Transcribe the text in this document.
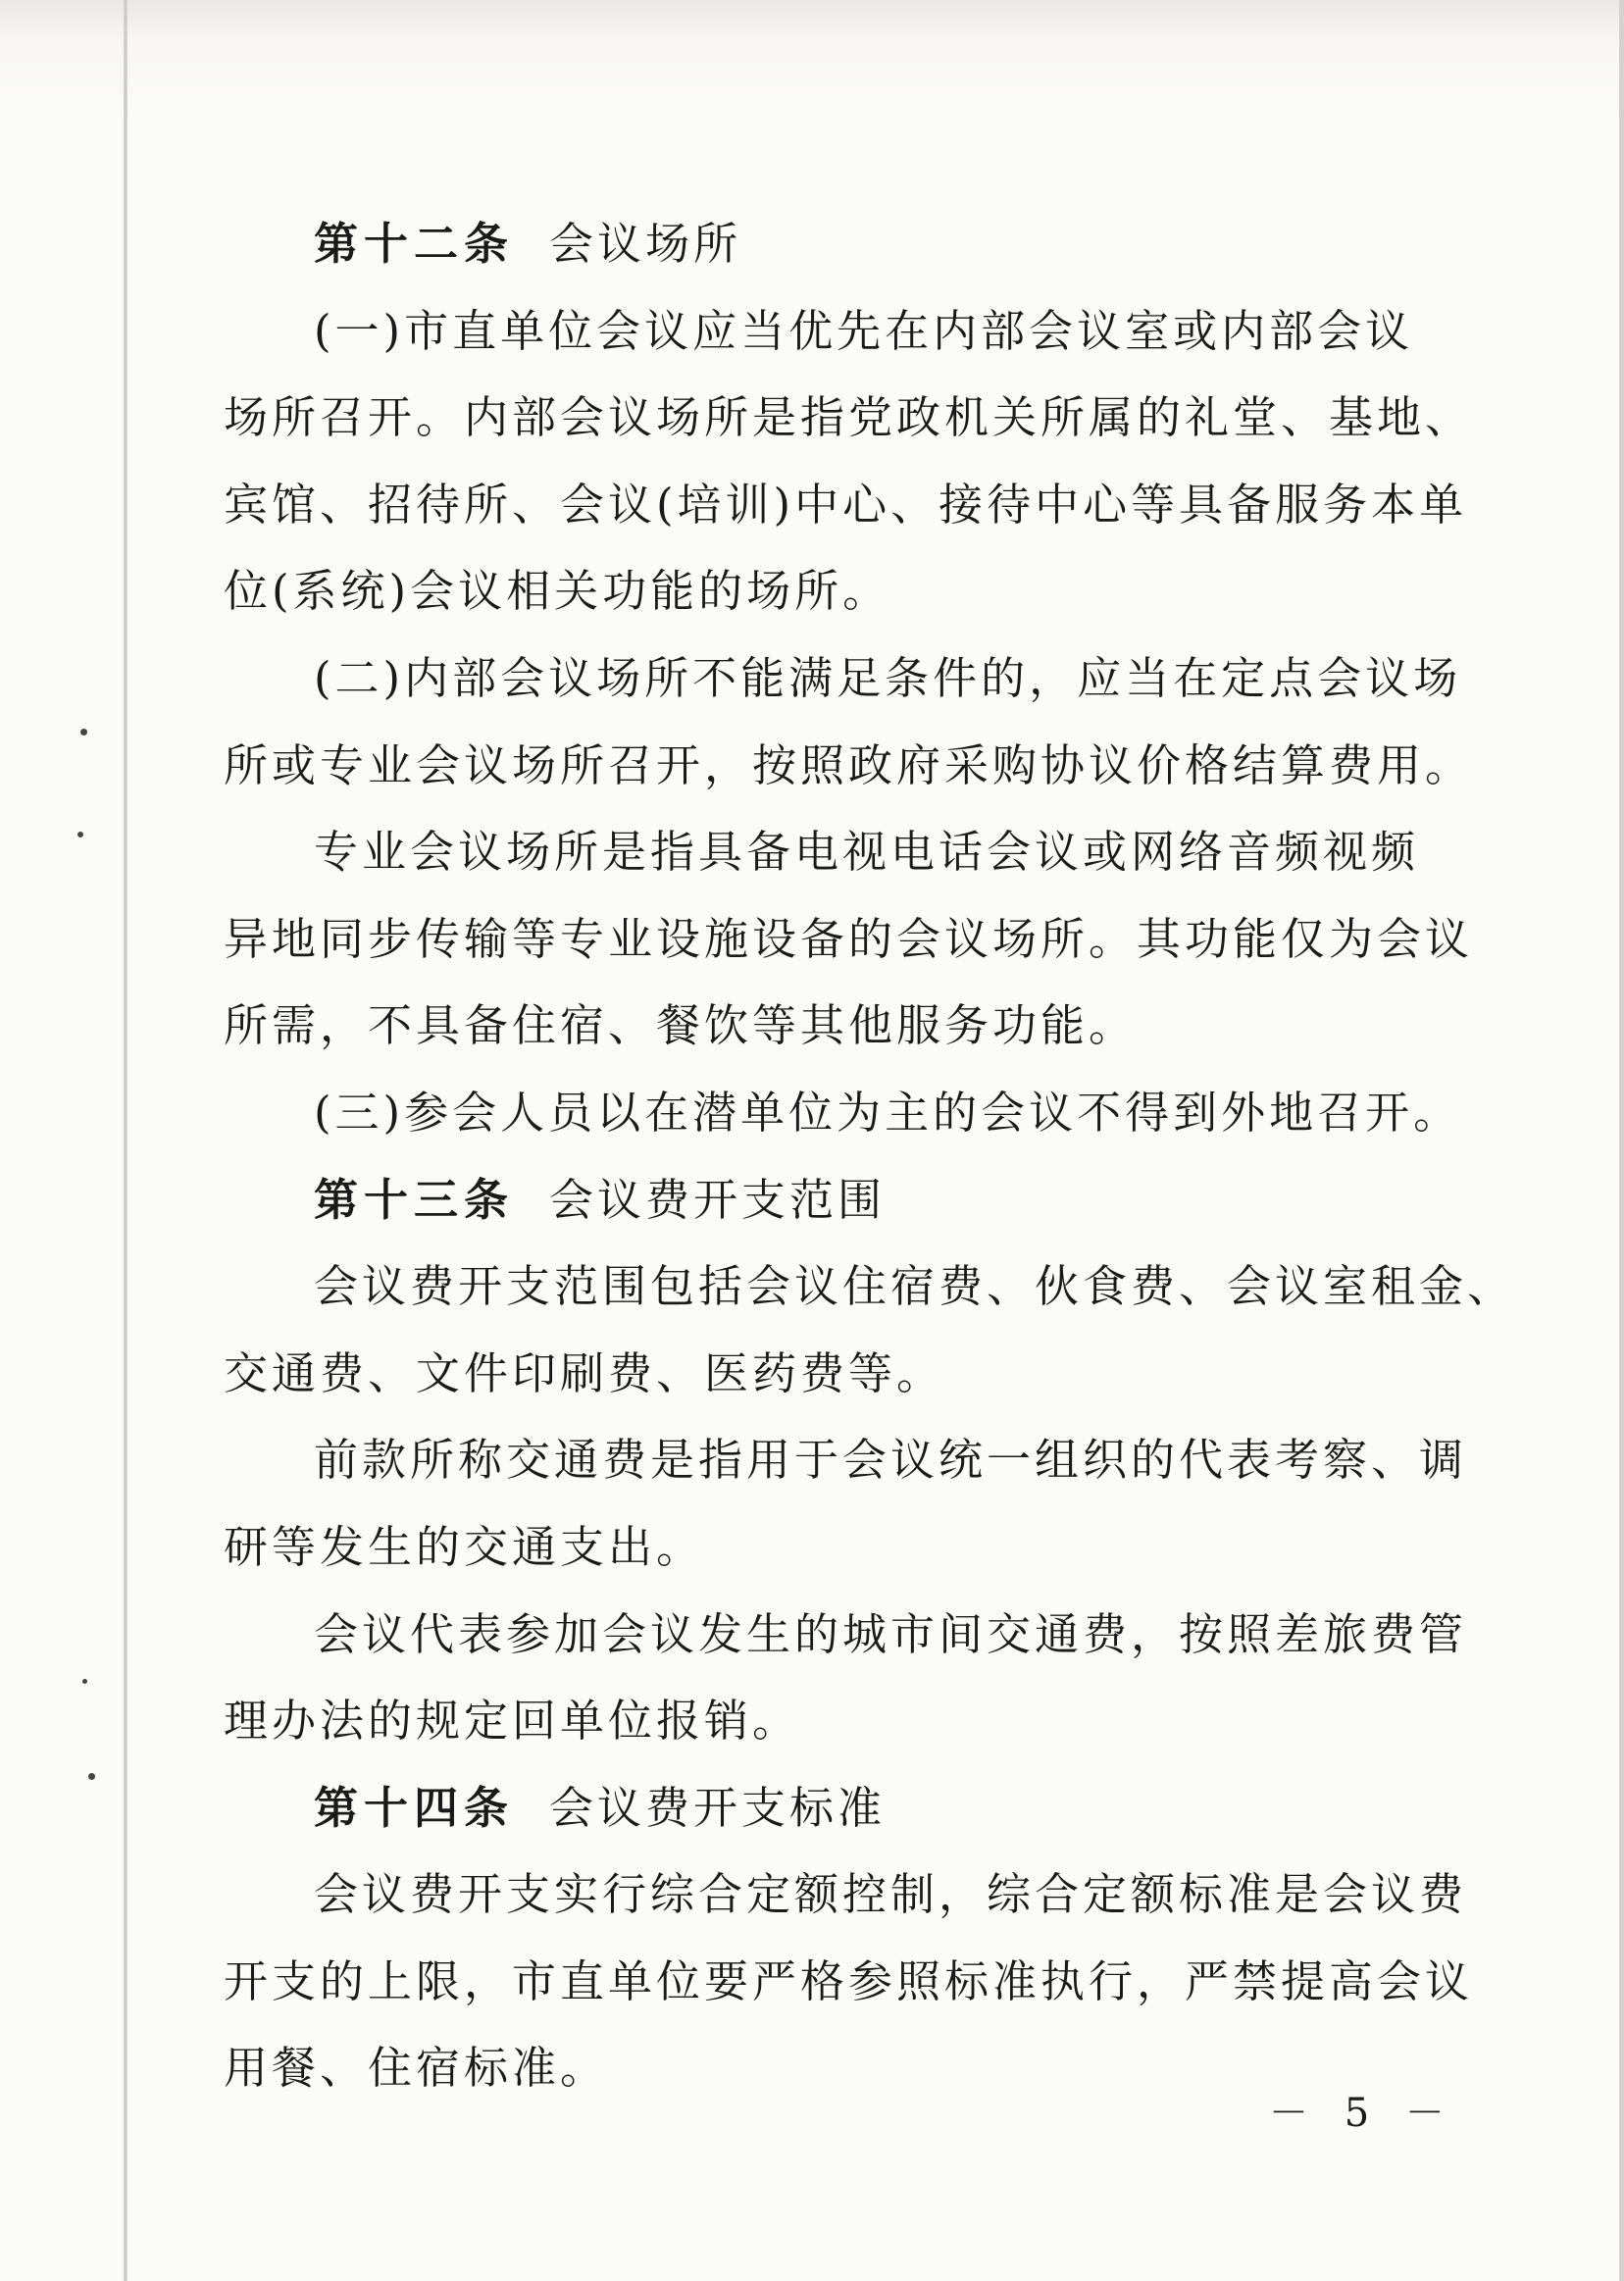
第十二条 会议场所
(一)市直单位会议应当优先在内部会议室或内部会议
场所召开。内部会议场所是指党政机关所属的礼堂、基地、
宾馆、招待所、会议(培训)中心、接待中心等具备服务本单
位(系统)会议相关功能的场所。
(二)内部会议场所不能满足条件的，应当在定点会议场
所或专业会议场所召开，按照政府采购协议价格结算费用。
专业会议场所是指具备电视电话会议或网络音频视频
异地同步传输等专业设施设备的会议场所。其功能仅为会议
所需，不具备住宿、餐饮等其他服务功能。
(三)参会人员以在潜单位为主的会议不得到外地召开。
第十三条 会议费开支范围
会议费开支范围包括会议住宿费、伙食费、会议室租金、
交通费、文件印刷费、医药费等。
前款所称交通费是指用于会议统一组织的代表考察、调
研等发生的交通支出。
会议代表参加会议发生的城市间交通费，按照差旅费管
理办法的规定回单位报销。
第十四条 会议费开支标准
会议费开支实行综合定额控制，综合定额标准是会议费
开支的上限，市直单位要严格参照标准执行，严禁提高会议
用餐、住宿标准。
－ 5 －
